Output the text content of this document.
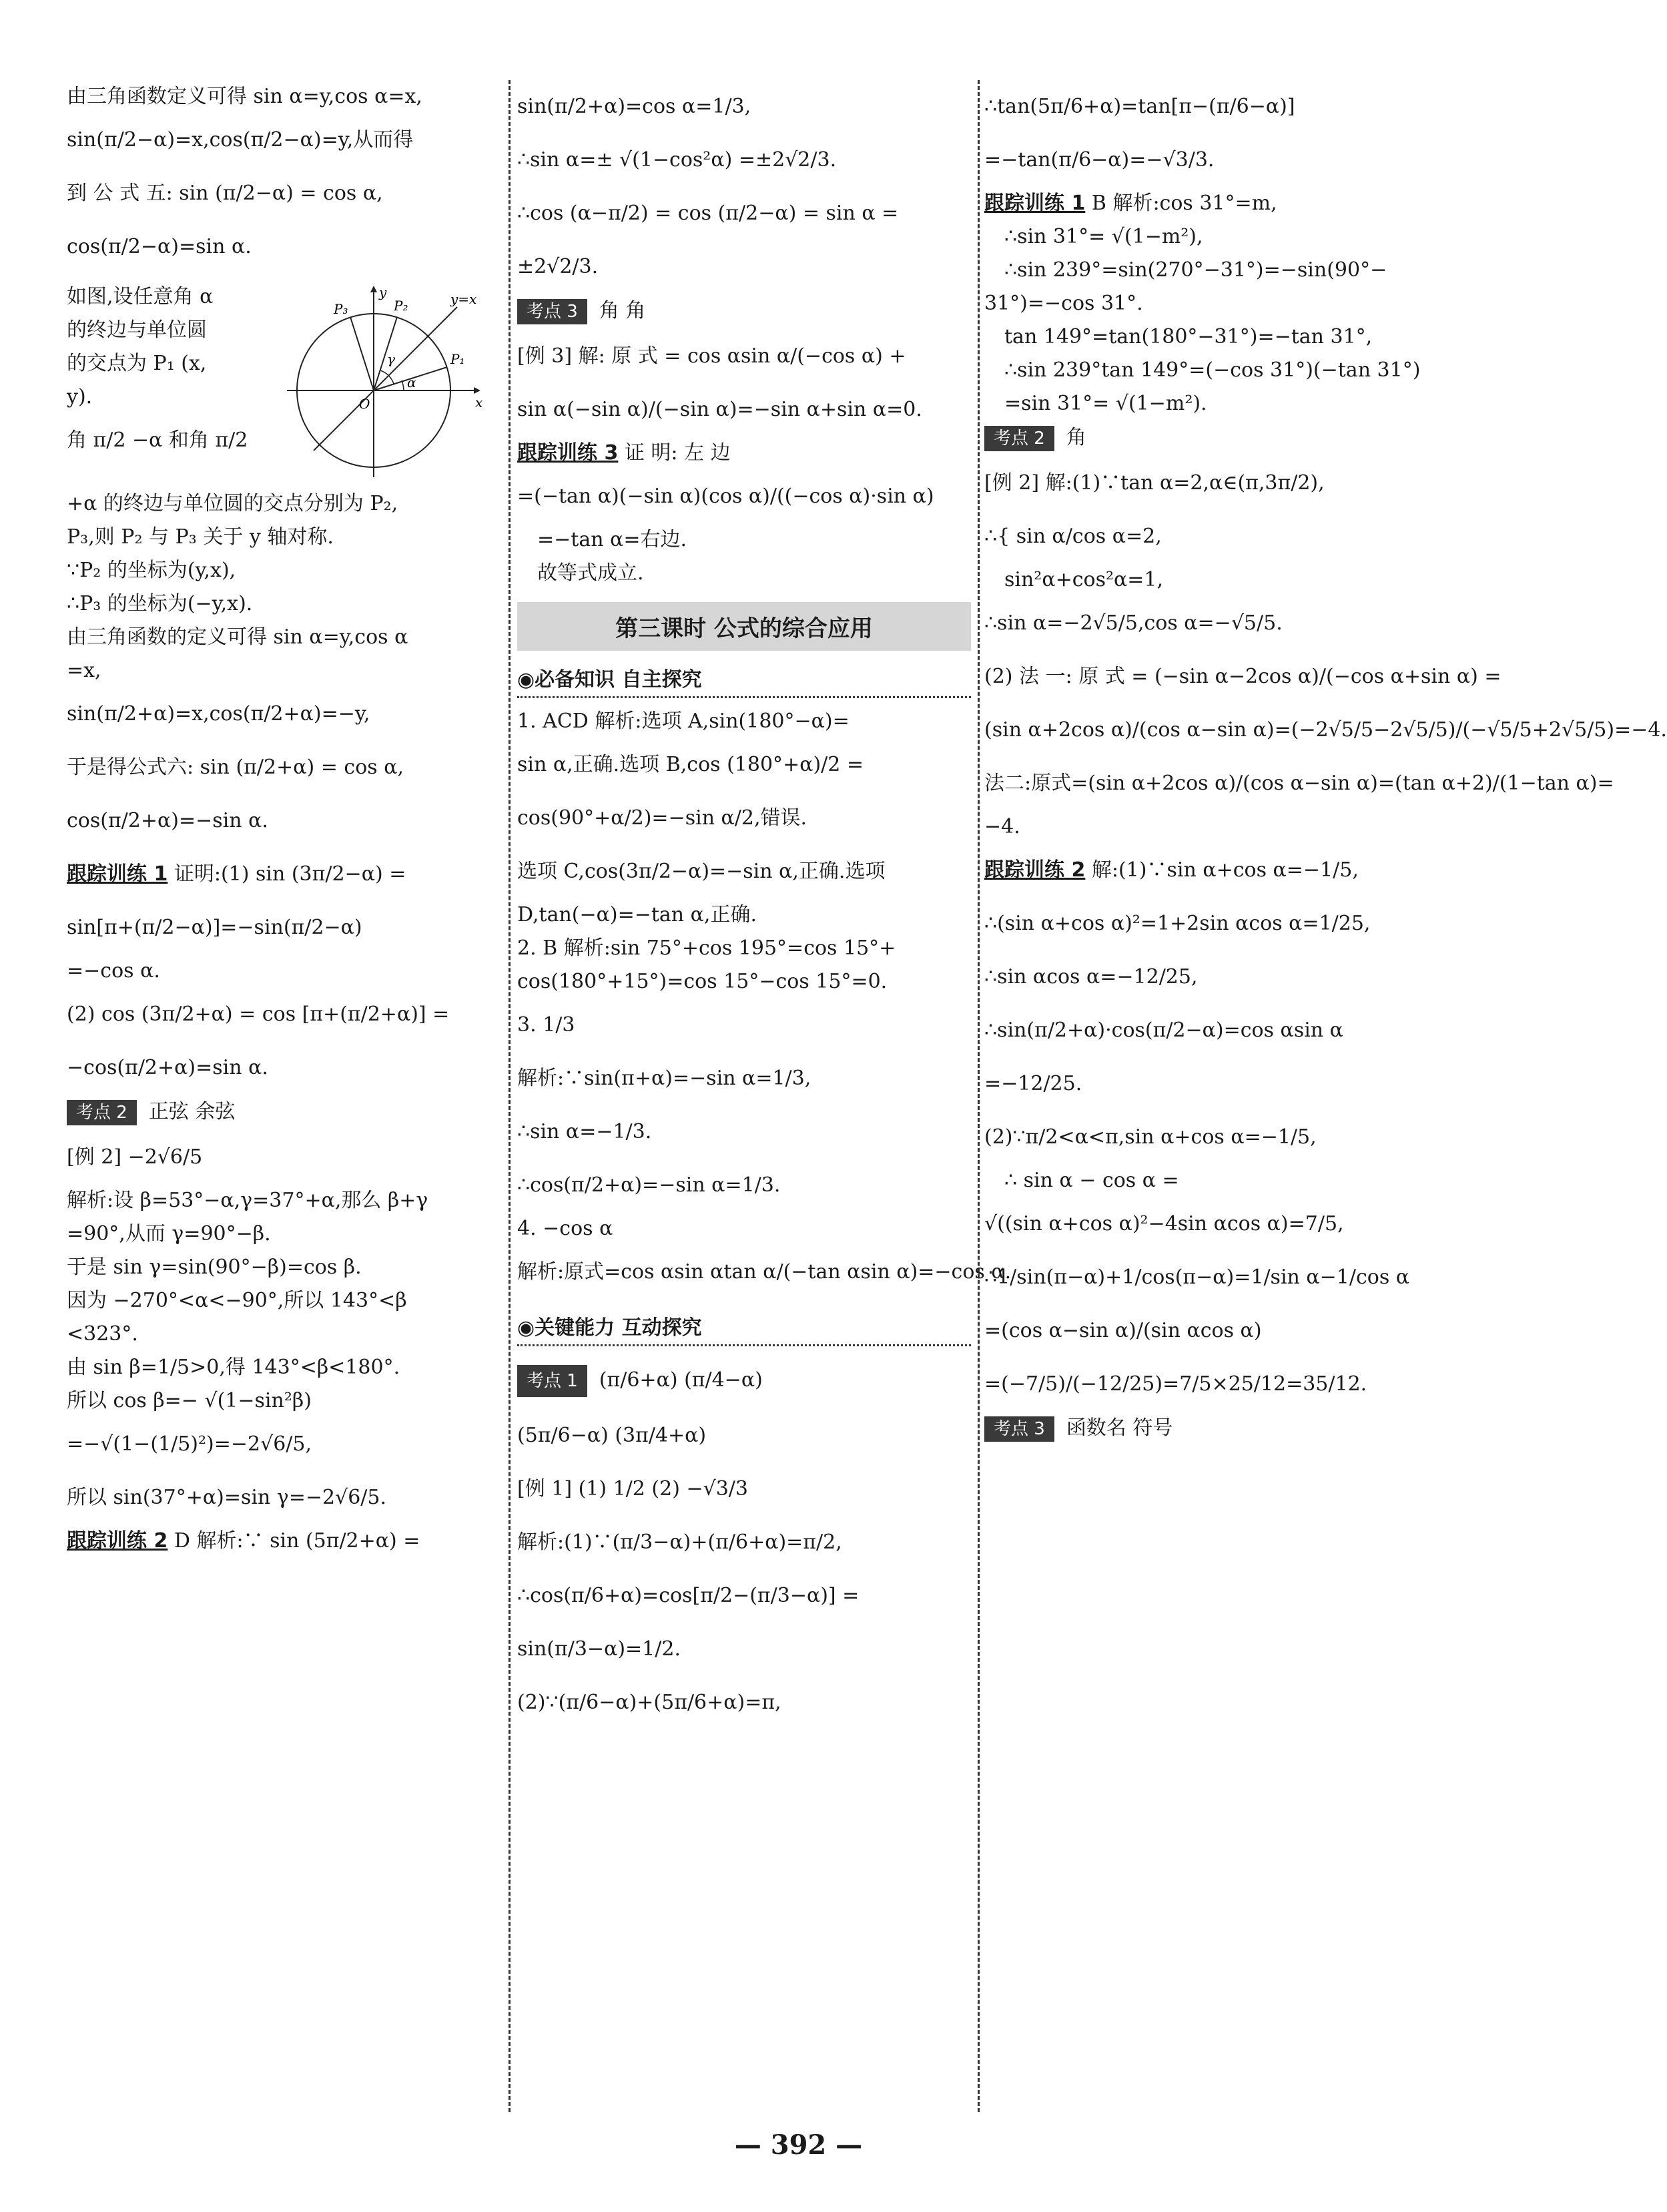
由三角函数定义可得 sin α=y,cos α=x,
sin(π/2−α)=x,cos(π/2−α)=y,从而得
到 公 式 五: sin (π/2−α) = cos α,
cos(π/2−α)=sin α.
如图,设任意角 α
的终边与单位圆
的交点为 P₁ (x,
y).
角 π/2 −α 和角 π/2
y
x
O
P₁
P₂
P₃
y=x
α
γ
+α 的终边与单位圆的交点分别为 P₂,
P₃,则 P₂ 与 P₃ 关于 y 轴对称.
∵P₂ 的坐标为(y,x),
∴P₃ 的坐标为(−y,x).
由三角函数的定义可得 sin α=y,cos α
=x,
sin(π/2+α)=x,cos(π/2+α)=−y,
于是得公式六: sin (π/2+α) = cos α,
cos(π/2+α)=−sin α.
跟踪训练 1 证明:(1) sin (3π/2−α) =
sin[π+(π/2−α)]=−sin(π/2−α)
=−cos α.
(2) cos (3π/2+α) = cos [π+(π/2+α)] =
−cos(π/2+α)=sin α.
考点 2 正弦 余弦
[例 2] −2√6/5
解析:设 β=53°−α,γ=37°+α,那么 β+γ
=90°,从而 γ=90°−β.
于是 sin γ=sin(90°−β)=cos β.
因为 −270°<α<−90°,所以 143°<β
<323°.
由 sin β=1/5>0,得 143°<β<180°.
所以 cos β=− √(1−sin²β)
=−√(1−(1/5)²)=−2√6/5,
所以 sin(37°+α)=sin γ=−2√6/5.
跟踪训练 2 D 解析:∵ sin (5π/2+α) =
sin(π/2+α)=cos α=1/3,
∴sin α=± √(1−cos²α) =±2√2/3.
∴cos (α−π/2) = cos (π/2−α) = sin α =
±2√2/3.
考点 3 角 角
[例 3] 解: 原 式 = cos αsin α/(−cos α) +
sin α(−sin α)/(−sin α)=−sin α+sin α=0.
跟踪训练 3 证 明: 左 边
=(−tan α)(−sin α)(cos α)/((−cos α)·sin α)
=−tan α=右边.
故等式成立.
第三课时 公式的综合应用
◉必备知识 自主探究
1. ACD 解析:选项 A,sin(180°−α)=
sin α,正确.选项 B,cos (180°+α)/2 =
cos(90°+α/2)=−sin α/2,错误.
选项 C,cos(3π/2−α)=−sin α,正确.选项
D,tan(−α)=−tan α,正确.
2. B 解析:sin 75°+cos 195°=cos 15°+
cos(180°+15°)=cos 15°−cos 15°=0.
3. 1/3
解析:∵sin(π+α)=−sin α=1/3,
∴sin α=−1/3.
∴cos(π/2+α)=−sin α=1/3.
4. −cos α
解析:原式=cos αsin αtan α/(−tan αsin α)=−cos α.
◉关键能力 互动探究
考点 1 (π/6+α) (π/4−α)
(5π/6−α) (3π/4+α)
[例 1] (1) 1/2 (2) −√3/3
解析:(1)∵(π/3−α)+(π/6+α)=π/2,
∴cos(π/6+α)=cos[π/2−(π/3−α)] =
sin(π/3−α)=1/2.
(2)∵(π/6−α)+(5π/6+α)=π,
∴tan(5π/6+α)=tan[π−(π/6−α)]
=−tan(π/6−α)=−√3/3.
跟踪训练 1 B 解析:cos 31°=m,
∴sin 31°= √(1−m²),
∴sin 239°=sin(270°−31°)=−sin(90°−
31°)=−cos 31°.
tan 149°=tan(180°−31°)=−tan 31°,
∴sin 239°tan 149°=(−cos 31°)(−tan 31°)
=sin 31°= √(1−m²).
考点 2 角
[例 2] 解:(1)∵tan α=2,α∈(π,3π/2),
∴{ sin α/cos α=2,
sin²α+cos²α=1,
∴sin α=−2√5/5,cos α=−√5/5.
(2) 法 一: 原 式 = (−sin α−2cos α)/(−cos α+sin α) =
(sin α+2cos α)/(cos α−sin α)=(−2√5/5−2√5/5)/(−√5/5+2√5/5)=−4.
法二:原式=(sin α+2cos α)/(cos α−sin α)=(tan α+2)/(1−tan α)=
−4.
跟踪训练 2 解:(1)∵sin α+cos α=−1/5,
∴(sin α+cos α)²=1+2sin αcos α=1/25,
∴sin αcos α=−12/25,
∴sin(π/2+α)·cos(π/2−α)=cos αsin α
=−12/25.
(2)∵π/2<α<π,sin α+cos α=−1/5,
∴ sin α − cos α =
√((sin α+cos α)²−4sin αcos α)=7/5,
∴1/sin(π−α)+1/cos(π−α)=1/sin α−1/cos α
=(cos α−sin α)/(sin αcos α)
=(−7/5)/(−12/25)=7/5×25/12=35/12.
考点 3 函数名 符号
— 392 —
